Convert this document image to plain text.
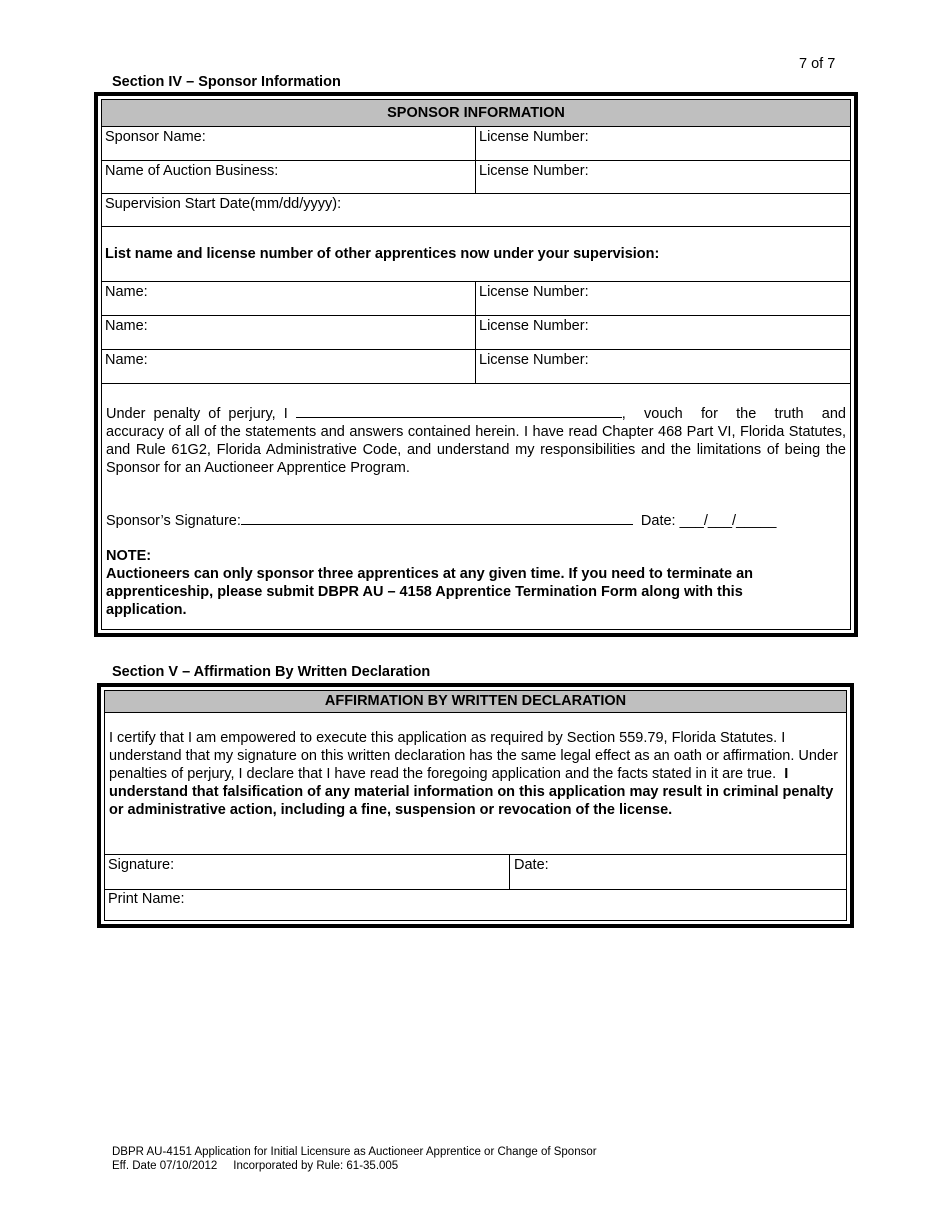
7 of 7
Section IV – Sponsor Information
SPONSOR INFORMATION
Sponsor Name:	License Number:
Name of Auction Business:	License Number:
Supervision Start Date(mm/dd/yyyy):
List name and license number of other apprentices now under your supervision:
Name:	License Number:
Name:	License Number:
Name:	License Number:
Under penalty of perjury, I	, vouch for the truth and
accuracy of all of the statements and answers contained herein. I have read Chapter 468 Part VI, Florida Statutes, and Rule 61G2, Florida Administrative Code, and understand my responsibilities and the limitations of being the Sponsor for an Auctioneer Apprentice Program.
Sponsor’s Signature:	Date: ___/___/_____
NOTE:
Auctioneers can only sponsor three apprentices at any given time. If you need to terminate an apprenticeship, please submit DBPR AU – 4158 Apprentice Termination Form along with this application.
Section V – Affirmation By Written Declaration
AFFIRMATION BY WRITTEN DECLARATION
I certify that I am empowered to execute this application as required by Section 559.79, Florida Statutes. I understand that my signature on this written declaration has the same legal effect as an oath or affirmation. Under penalties of perjury, I declare that I have read the foregoing application and the facts stated in it are true. I understand that falsification of any material information on this application may result in criminal penalty or administrative action, including a fine, suspension or revocation of the license.
Signature:	Date:
Print Name:
DBPR AU-4151 Application for Initial Licensure as Auctioneer Apprentice or Change of Sponsor
Eff. Date 07/10/2012     Incorporated by Rule: 61-35.005
